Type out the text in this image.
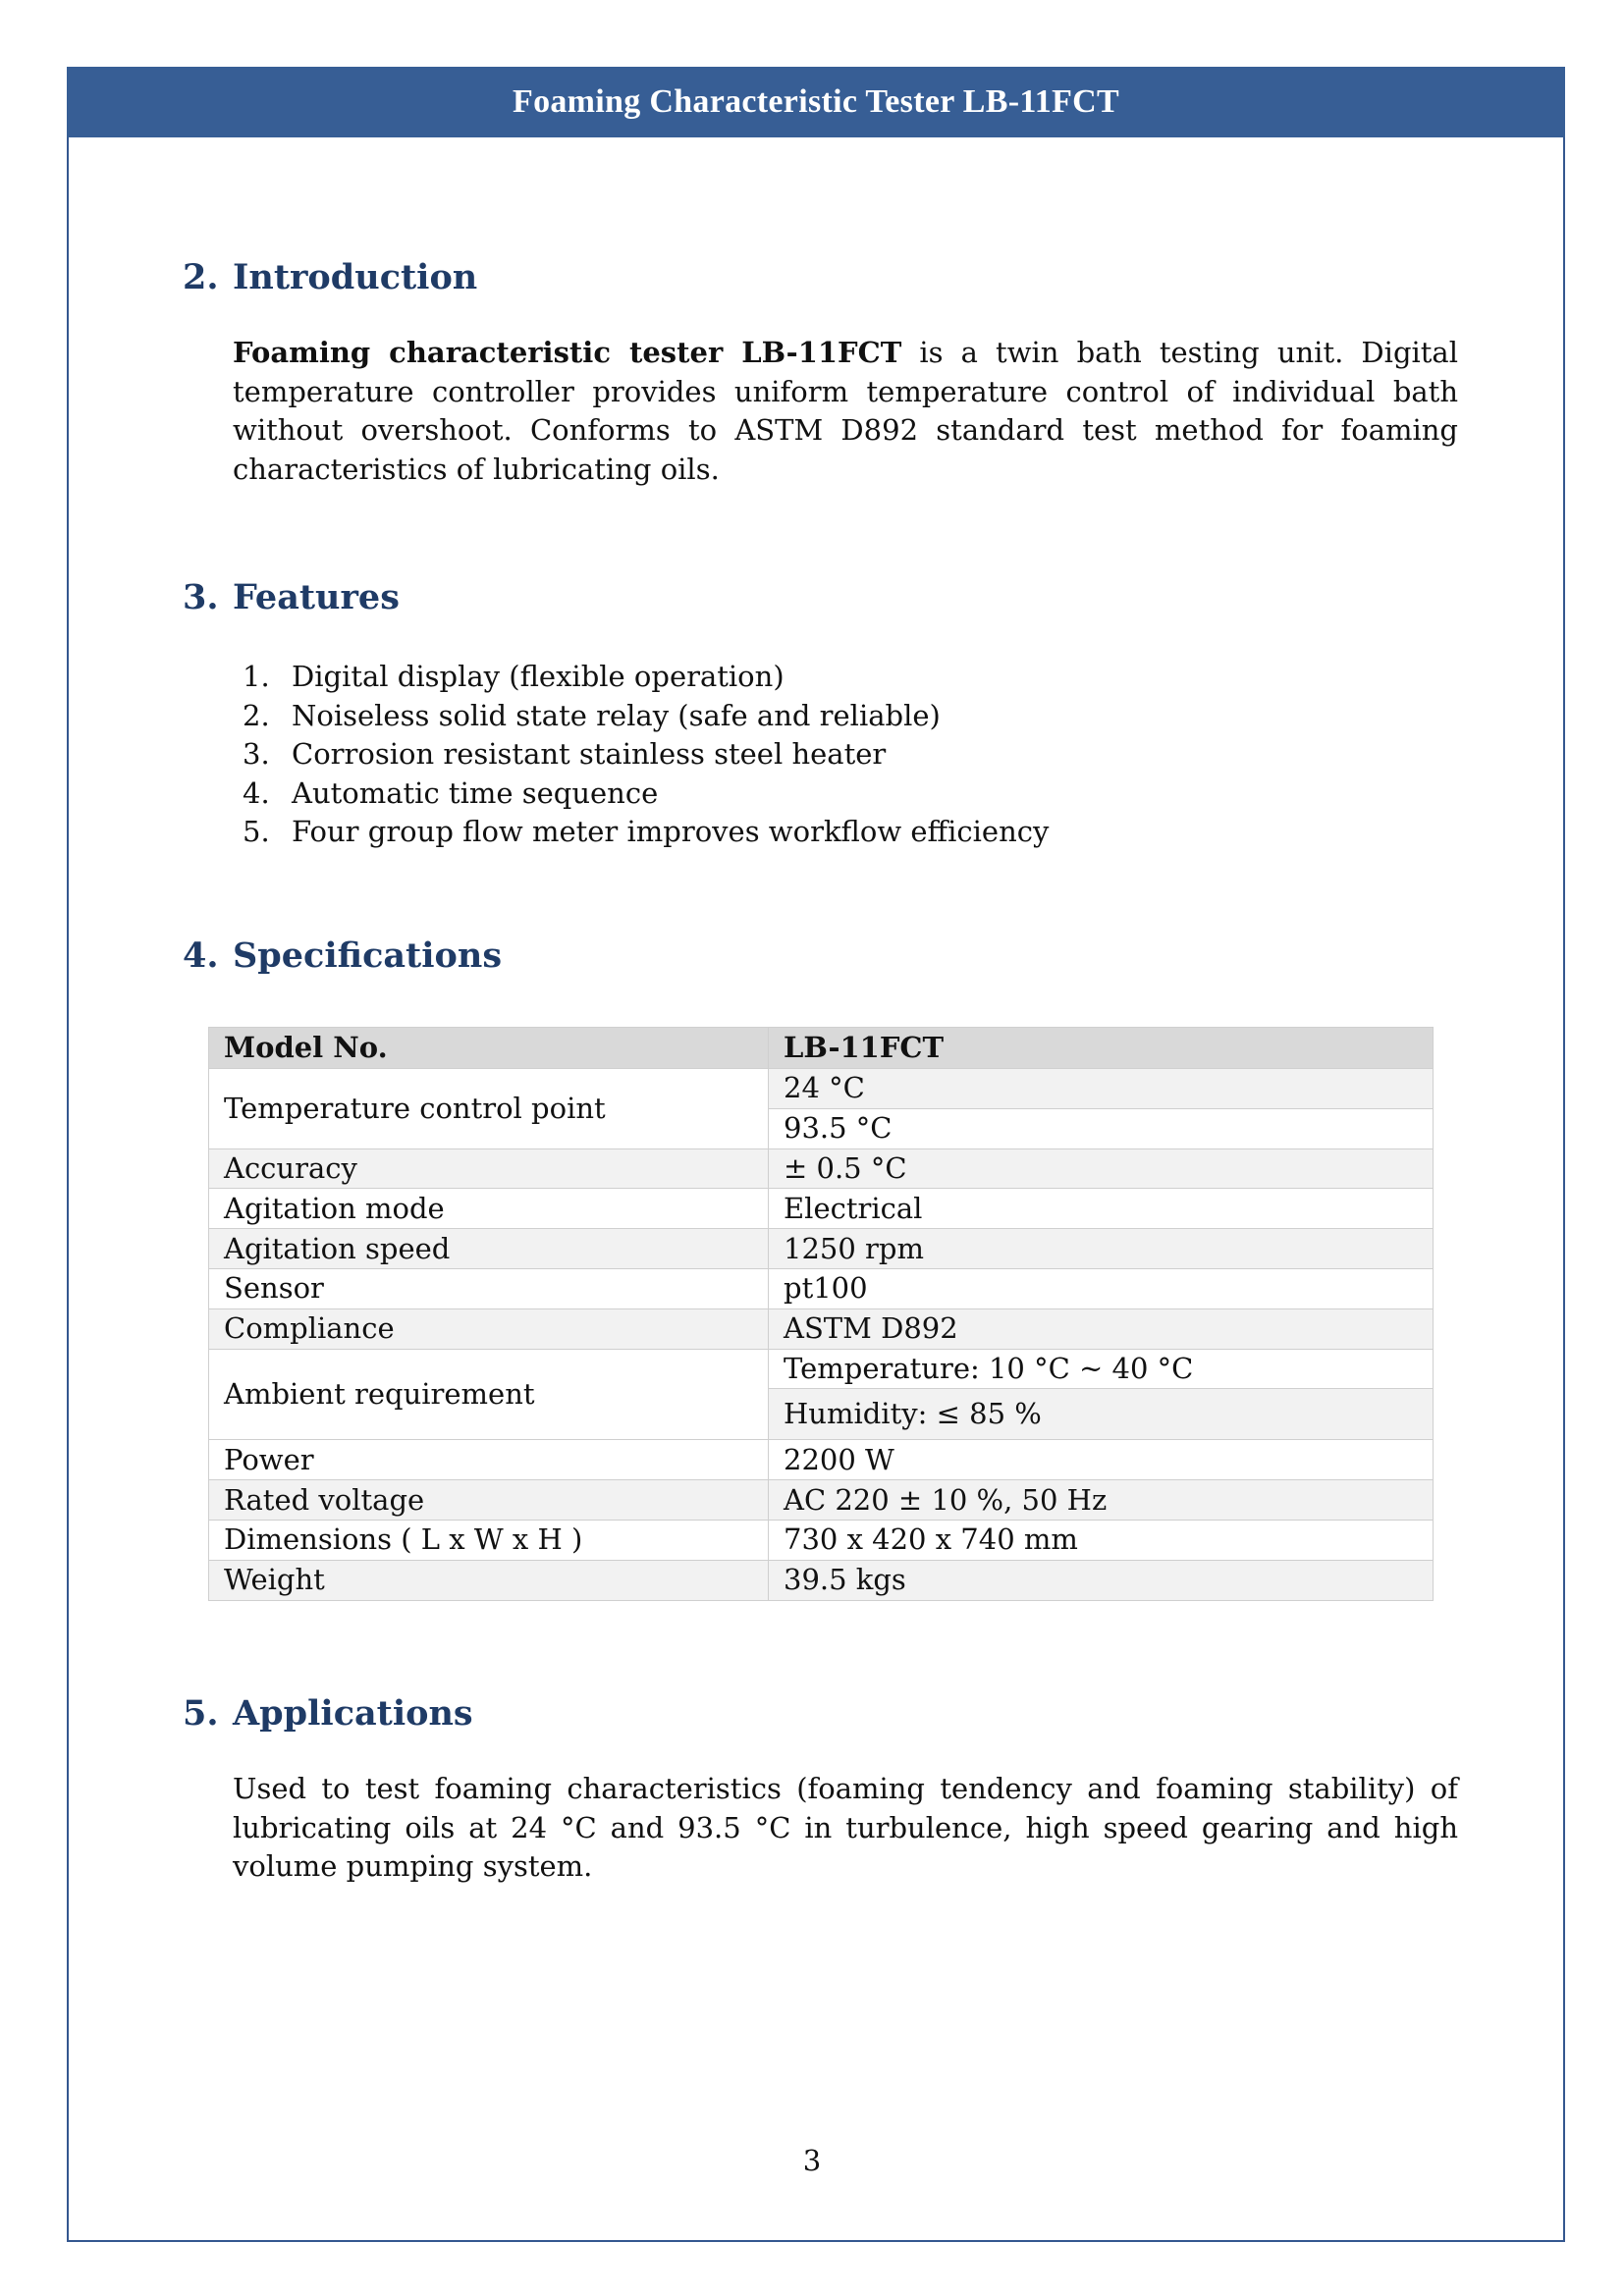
Foaming Characteristic Tester LB-11FCT
2. Introduction

Foaming characteristic tester LB-11FCT is a twin bath testing unit. Digital temperature controller provides uniform temperature control of individual bath without overshoot. Conforms to ASTM D892 standard test method for foaming characteristics of lubricating oils.

3. Features
1. Digital display (flexible operation)
2. Noiseless solid state relay (safe and reliable)
3. Corrosion resistant stainless steel heater
4. Automatic time sequence
5. Four group flow meter improves workflow efficiency
4. Specifications
Model No.	LB-11FCT
Temperature control point	24 °C
	93.5 °C
Accuracy	± 0.5 °C
Agitation mode	Electrical
Agitation speed	1250 rpm
Sensor	pt100
Compliance	ASTM D892
Ambient requirement	Temperature: 10 °C ~ 40 °C
	Humidity: ≤ 85 %
Power	2200 W
Rated voltage	AC 220 ± 10 %, 50 Hz
Dimensions ( L x W x H )	730 x 420 x 740 mm
Weight	39.5 kgs
5. Applications

Used to test foaming characteristics (foaming tendency and foaming stability) of lubricating oils at 24 °C and 93.5 °C in turbulence, high speed gearing and high volume pumping system.

3
